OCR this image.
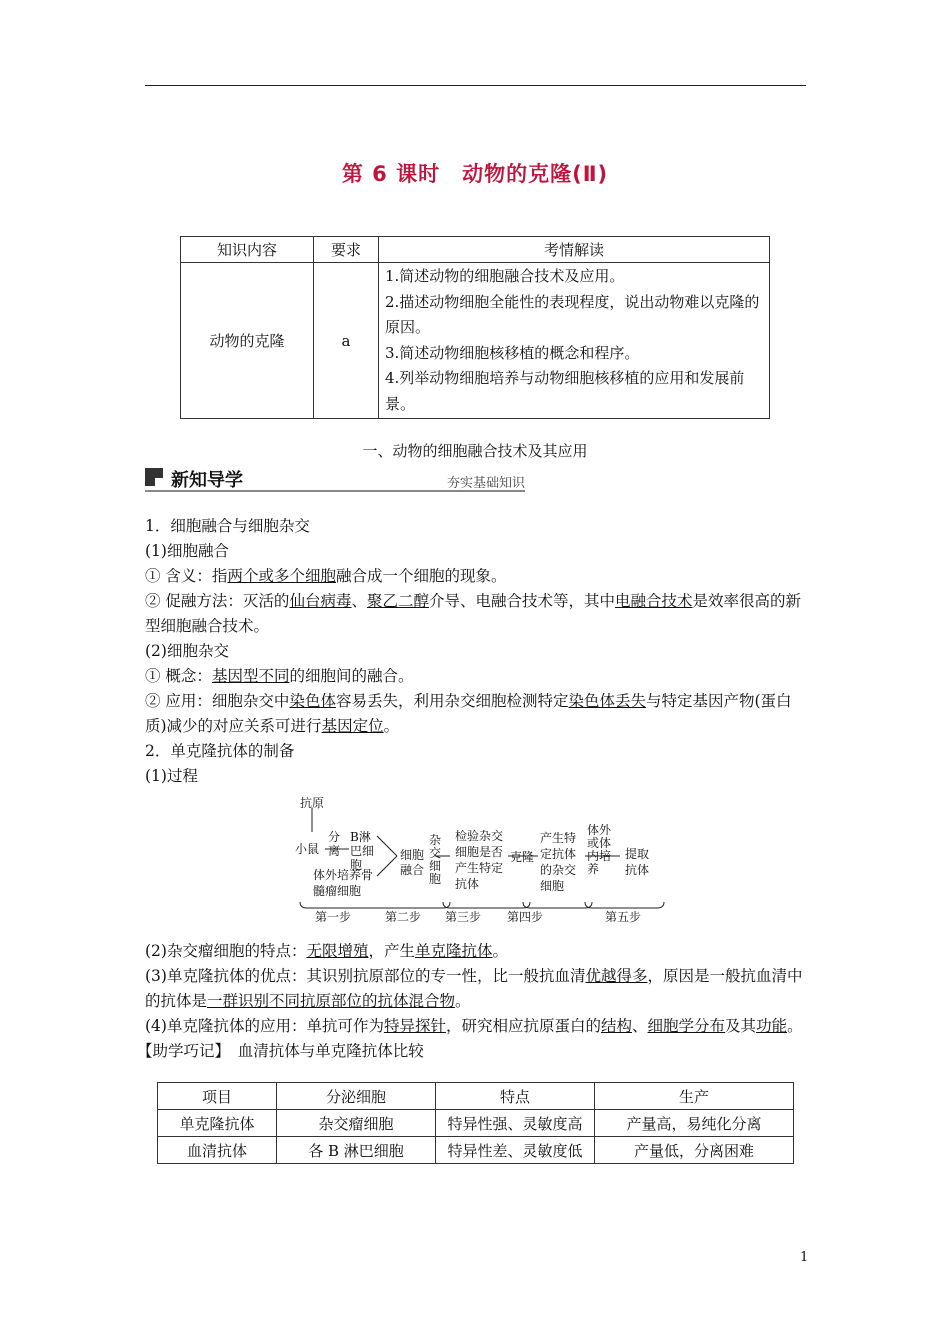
第 6 课时　动物的克隆(Ⅱ)
知识内容	要求	考情解读
动物的克隆	a	1.简述动物的细胞融合技术及应用。
2.描述动物细胞全能性的表现程度，说出动物难以克隆的原因。
3.简述动物细胞核移植的概念和程序。
4.列举动物细胞培养与动物细胞核移植的应用和发展前景。
一、动物的细胞融合技术及其应用
新知导学	夯实基础知识

1．细胞融合与细胞杂交

(1)细胞融合

① 含义：指两个或多个细胞融合成一个细胞的现象。

② 促融方法：灭活的仙台病毒、聚乙二醇介导、电融合技术等，其中电融合技术是效率很高的新型细胞融合技术。

(2)细胞杂交

① 概念：基因型不同的细胞间的融合。

② 应用：细胞杂交中染色体容易丢失，利用杂交细胞检测特定染色体丢失与特定基因产物(蛋白质)减少的对应关系可进行基因定位。

2．单克隆抗体的制备

(1)过程

(2)杂交瘤细胞的特点：无限增殖，产生单克隆抗体。

(3)单克隆抗体的优点：其识别抗原部位的专一性，比一般抗血清优越得多，原因是一般抗血清中的抗体是一群识别不同抗原部位的抗体混合物。

(4)单克隆抗体的应用：单抗可作为特异探针，研究相应抗原蛋白的结构、细胞学分布及其功能。

【助学巧记】　血清抗体与单克隆抗体比较

抗原
小鼠
分离
B淋巴细胞
体外培养骨髓瘤细胞
细胞融合
杂交细胞
检验杂交细胞是否产生特定抗体
克隆
产生特定抗体的杂交细胞
体外或体内培养
提取抗体
第一步	第二步 第三步 第四步	第五步
项目	分泌细胞	特点	生产
单克隆抗体	杂交瘤细胞	特异性强、灵敏度高	产量高，易纯化分离
血清抗体	各 B 淋巴细胞	特异性差、灵敏度低	产量低，分离困难
1
